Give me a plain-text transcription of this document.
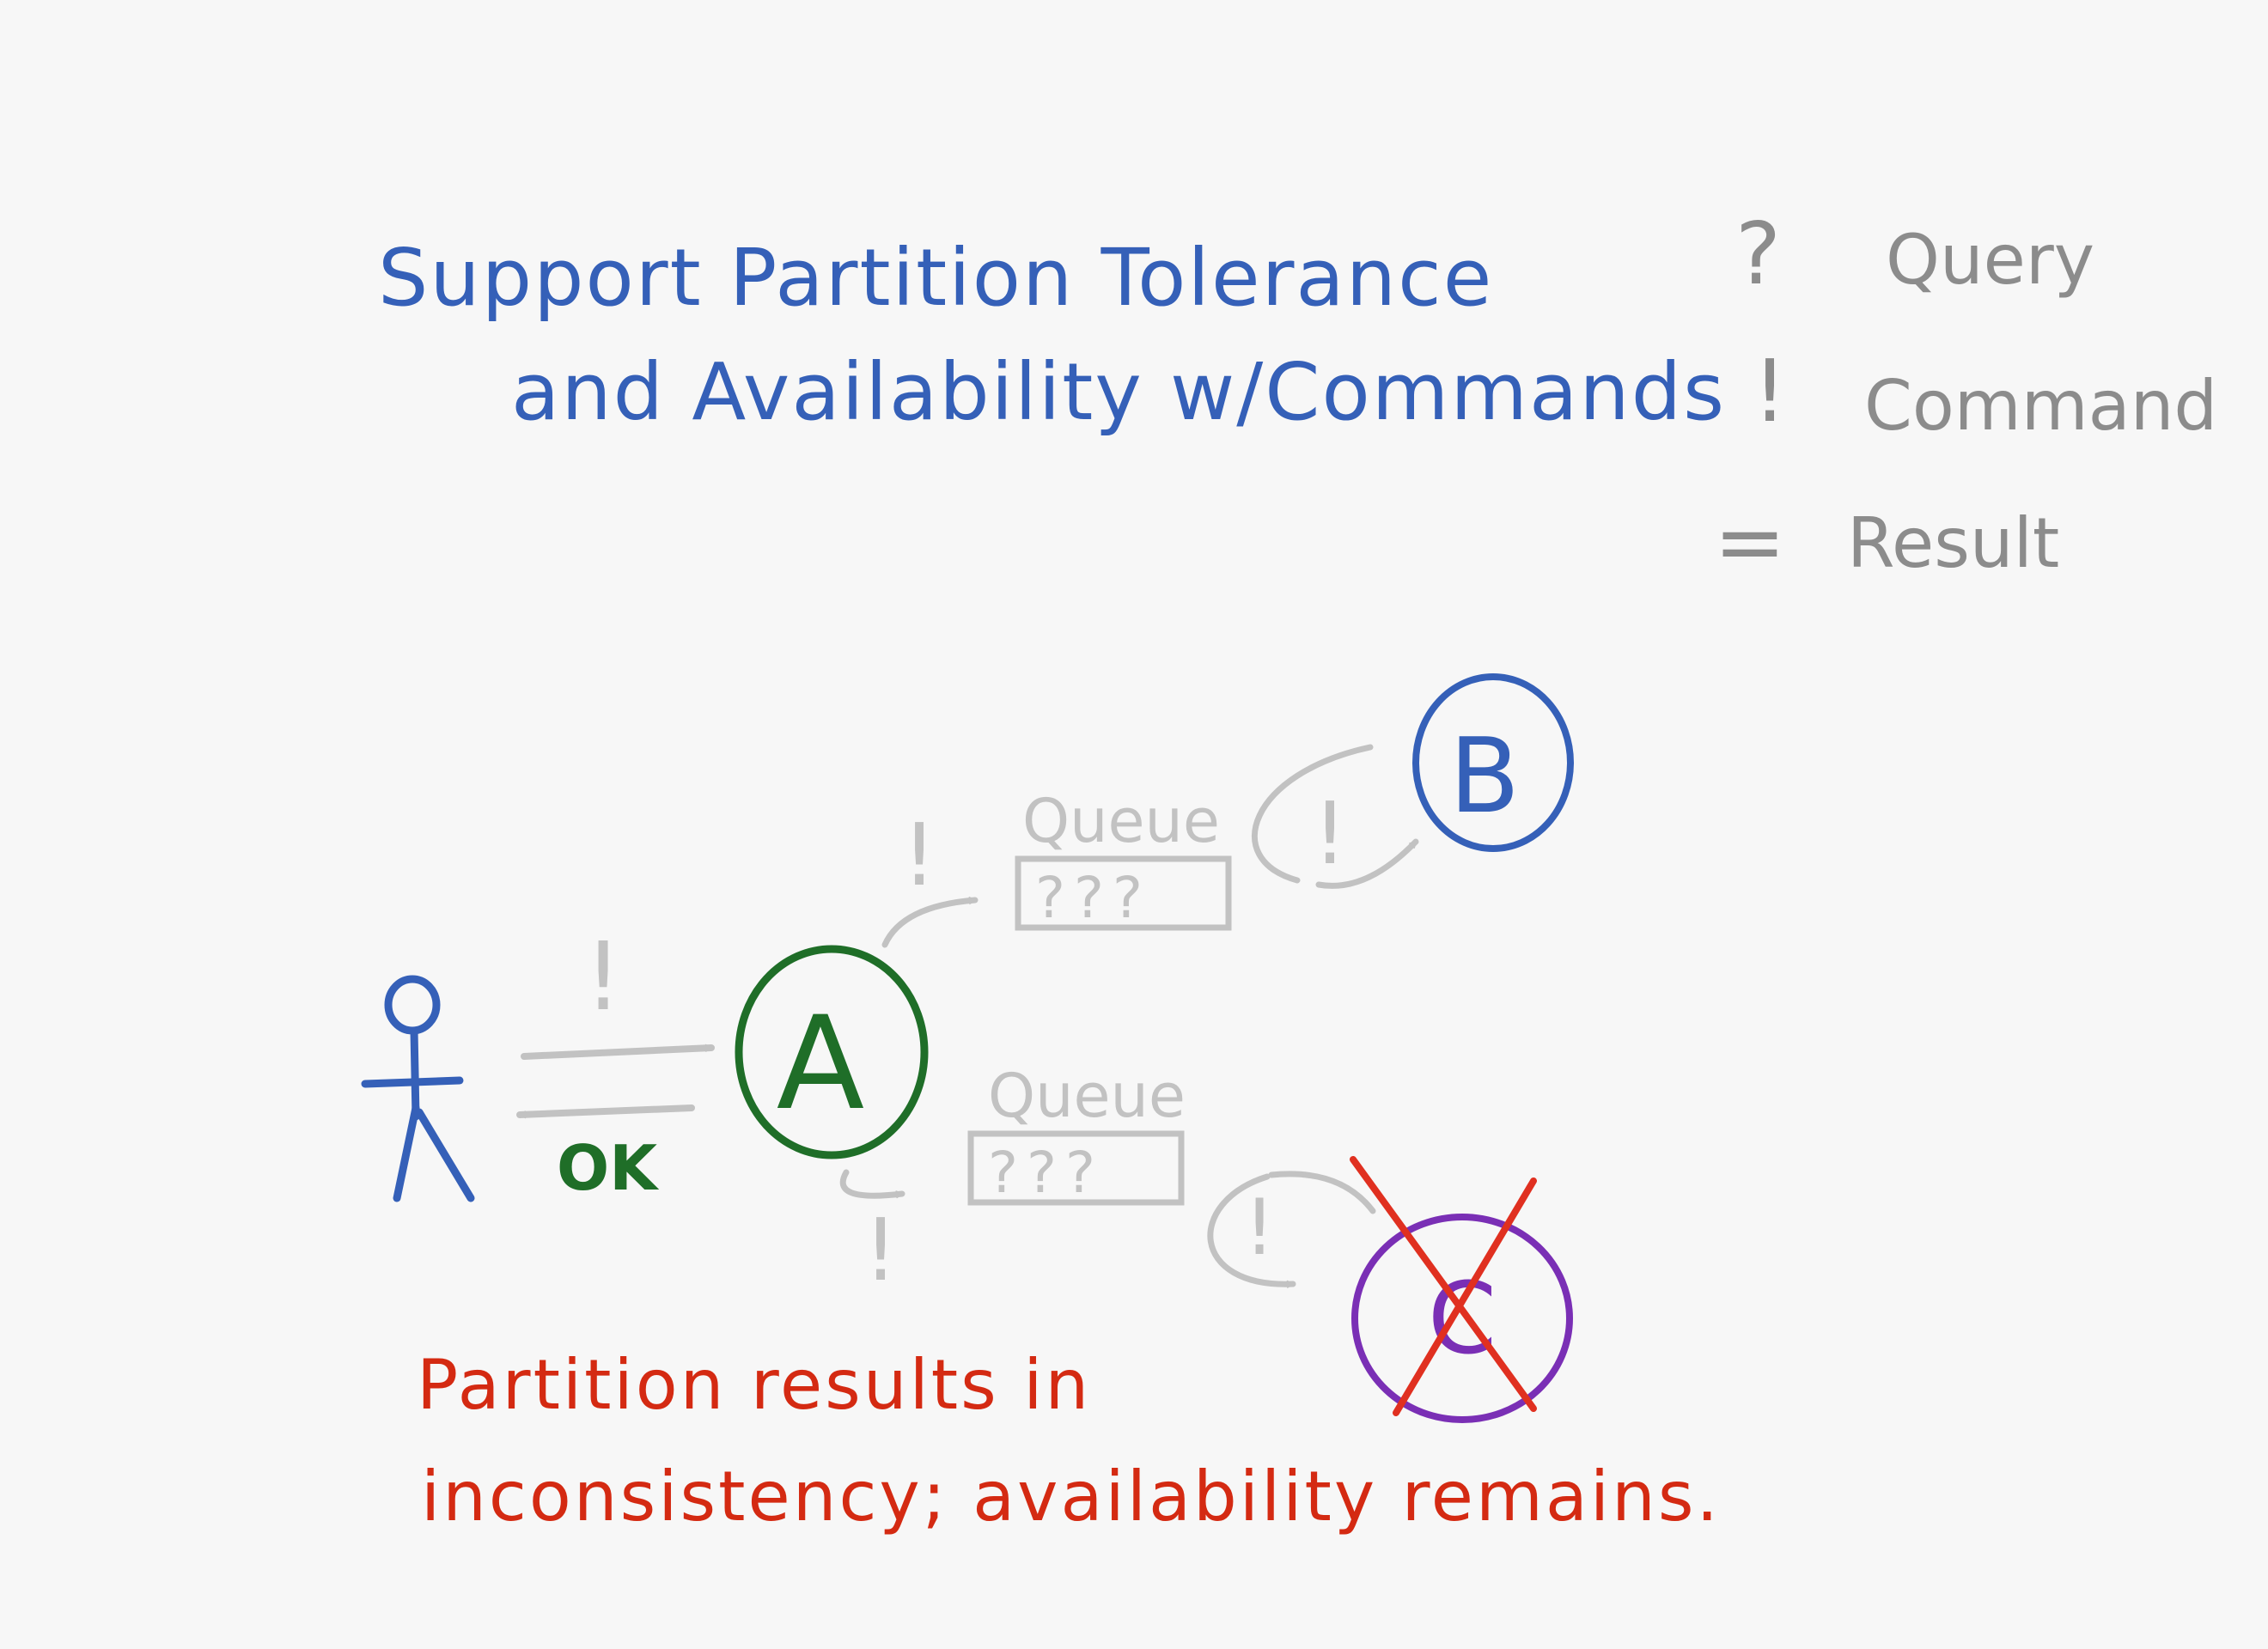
Support Partition Tolerance
and Availability w/Commands
? Query
! Command
= Result
!
OK
A
! Queue
???
! B
!
Queue
???
!
C
Partition results in
inconsistency; availability remains.
